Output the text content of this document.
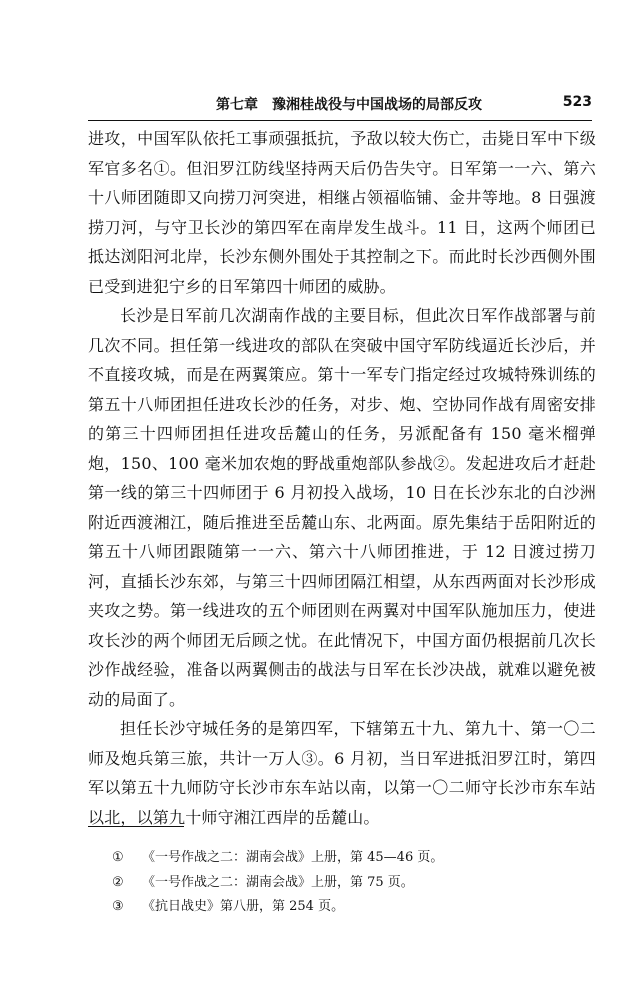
第七章　豫湘桂战役与中国战场的局部反攻	523

进攻，中国军队依托工事顽强抵抗，予敌以较大伤亡，击毙日军中下级军官多名①。但汨罗江防线坚持两天后仍告失守。日军第一一六、第六十八师团随即又向捞刀河突进，相继占领福临铺、金井等地。8 日强渡捞刀河，与守卫长沙的第四军在南岸发生战斗。11 日，这两个师团已抵达浏阳河北岸，长沙东侧外围处于其控制之下。而此时长沙西侧外围已受到进犯宁乡的日军第四十师团的威胁。

长沙是日军前几次湖南作战的主要目标，但此次日军作战部署与前几次不同。担任第一线进攻的部队在突破中国守军防线逼近长沙后，并不直接攻城，而是在两翼策应。第十一军专门指定经过攻城特殊训练的第五十八师团担任进攻长沙的任务，对步、炮、空协同作战有周密安排的第三十四师团担任进攻岳麓山的任务，另派配备有 150 毫米榴弹炮，150、100 毫米加农炮的野战重炮部队参战②。发起进攻后才赶赴第一线的第三十四师团于 6 月初投入战场，10 日在长沙东北的白沙洲附近西渡湘江，随后推进至岳麓山东、北两面。原先集结于岳阳附近的第五十八师团跟随第一一六、第六十八师团推进，于 12 日渡过捞刀河，直插长沙东郊，与第三十四师团隔江相望，从东西两面对长沙形成夹攻之势。第一线进攻的五个师团则在两翼对中国军队施加压力，使进攻长沙的两个师团无后顾之忧。在此情况下，中国方面仍根据前几次长沙作战经验，准备以两翼侧击的战法与日军在长沙决战，就难以避免被动的局面了。

担任长沙守城任务的是第四军，下辖第五十九、第九十、第一〇二师及炮兵第三旅，共计一万人③。6 月初，当日军进抵汨罗江时，第四军以第五十九师防守长沙市东车站以南，以第一〇二师守长沙市东车站以北，以第九十师守湘江西岸的岳麓山。

① 《一号作战之二：湖南会战》上册，第 45—46 页。
② 《一号作战之二：湖南会战》上册，第 75 页。
③ 《抗日战史》第八册，第 254 页。
